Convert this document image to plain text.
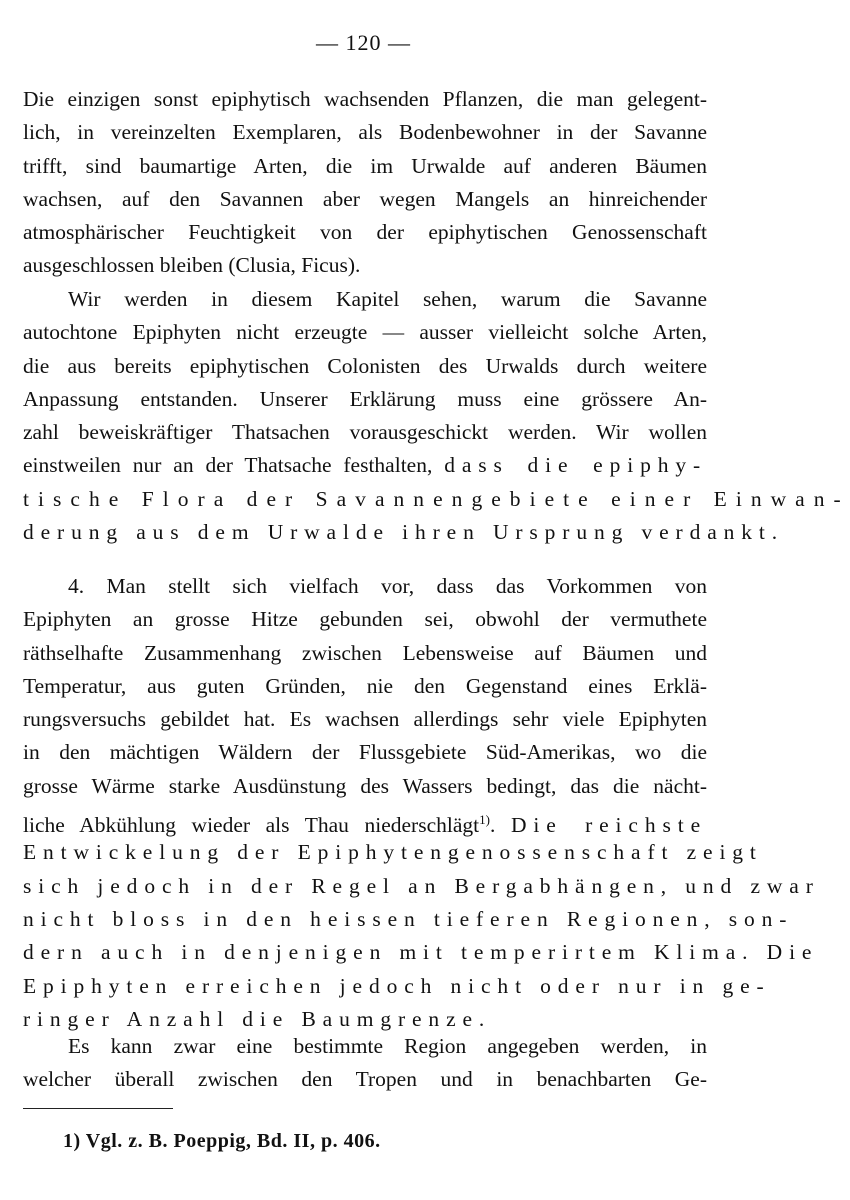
— 120 —
Die einzigen sonst epiphytisch wachsenden Pflanzen, die man gelegent-
lich, in vereinzelten Exemplaren, als Bodenbewohner in der Savanne
trifft, sind baumartige Arten, die im Urwalde auf anderen Bäumen
wachsen, auf den Savannen aber wegen Mangels an hinreichender
atmosphärischer Feuchtigkeit von der epiphytischen Genossenschaft
ausgeschlossen bleiben (Clusia, Ficus).
Wir werden in diesem Kapitel sehen, warum die Savanne
autochtone Epiphyten nicht erzeugte — ausser vielleicht solche Arten,
die aus bereits epiphytischen Colonisten des Urwalds durch weitere
Anpassung entstanden. Unserer Erklärung muss eine grössere An-
zahl beweiskräftiger Thatsachen vorausgeschickt werden. Wir wollen
einstweilen nur an der Thatsache festhalten, dass die epiphy-
tische Flora der Savannengebiete einer Einwan-
derung aus dem Urwalde ihren Ursprung verdankt.
4. Man stellt sich vielfach vor, dass das Vorkommen von
Epiphyten an grosse Hitze gebunden sei, obwohl der vermuthete
räthselhafte Zusammenhang zwischen Lebensweise auf Bäumen und
Temperatur, aus guten Gründen, nie den Gegenstand eines Erklä-
rungsversuchs gebildet hat. Es wachsen allerdings sehr viele Epiphyten
in den mächtigen Wäldern der Flussgebiete Süd-Amerikas, wo die
grosse Wärme starke Ausdünstung des Wassers bedingt, das die nächt-
liche Abkühlung wieder als Thau niederschlägt$^{1)}$. Die reichste
Entwickelung der Epiphytengenossenschaft zeigt
sich jedoch in der Regel an Bergabhängen, und zwar
nicht bloss in den heissen tieferen Regionen, son-
dern auch in denjenigen mit temperirtem Klima. Die
Epiphyten erreichen jedoch nicht oder nur in ge-
ringer Anzahl die Baumgrenze.
Es kann zwar eine bestimmte Region angegeben werden, in
welcher überall zwischen den Tropen und in benachbarten Ge-
1) Vgl. z. B. Poeppig, Bd. II, p. 406.
